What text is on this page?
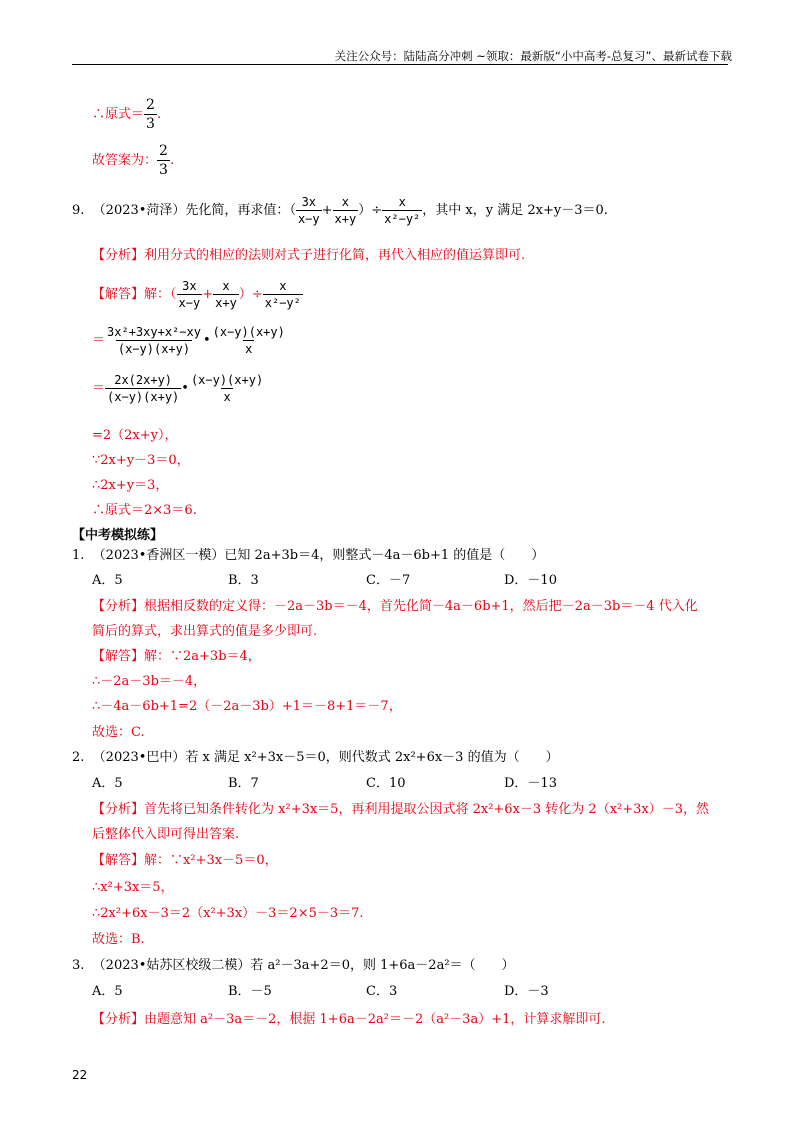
关注公众号：陆陆高分冲刺 ~领取：最新版“小中高考-总复习”、最新试卷下载
∴原式＝ $\frac{2}{3}$ .
故答案为： $\frac{2}{3}$ .
9. （2023•菏泽）先化简，再求值：（ $\frac{3x}{x-y} + \frac{x}{x+y}$ ）÷ $\frac{x}{\text{x²−y²}}$ ，其中 x，y 满足 2x+y－3＝0.
【分析】利用分式的相应的法则对式子进行化简，再代入相应的值运算即可.
【解答】解：（ $\frac{3x}{x-y} + \frac{x}{x+y}$ ）÷ $\frac{x}{\text{x²−y²}}$
＝ $\frac{\text{3x²+3xy+x²−xy}}{(x-y)(x+y)}$ • $\frac{(x-y)(x+y)}{x}$
＝ $\frac{2x(2x+y)}{(x-y)(x+y)}$ • $\frac{(x-y)(x+y)}{x}$
=2（2x+y），
∵2x+y－3＝0，
∴2x+y＝3，
∴原式＝2×3＝6.
【中考模拟练】
1. （2023•香洲区一模）已知 2a+3b＝4，则整式－4a－6b+1 的值是（　　）
A．5	B．3	C．－7	D．－10
【分析】根据相反数的定义得：－2a－3b＝－4，首先化简－4a－6b+1，然后把－2a－3b＝－4 代入化
简后的算式，求出算式的值是多少即可.
【解答】解：∵2a+3b＝4，
∴－2a－3b＝－4，
∴－4a－6b+1=2（－2a－3b）+1＝－8+1＝－7，
故选：C.
2. （2023•巴中）若 x 满足 x²+3x－5＝0，则代数式 2x²+6x－3 的值为（　　）
A．5	B．7	C．10	D．－13
【分析】首先将已知条件转化为 x²+3x＝5，再利用提取公因式将 2x²+6x－3 转化为 2（x²+3x）－3，然
后整体代入即可得出答案.
【解答】解：∵x²+3x－5＝0，
∴x²+3x＝5，
∴2x²+6x－3＝2（x²+3x）－3＝2×5－3＝7.
故选：B.
3. （2023•姑苏区校级二模）若 a²－3a+2＝0，则 1+6a－2a²＝（　　）
A．5	B．－5	C．3	D．－3
【分析】由题意知 a²－3a＝－2，根据 1+6a－2a²＝－2（a²－3a）+1，计算求解即可.
22
